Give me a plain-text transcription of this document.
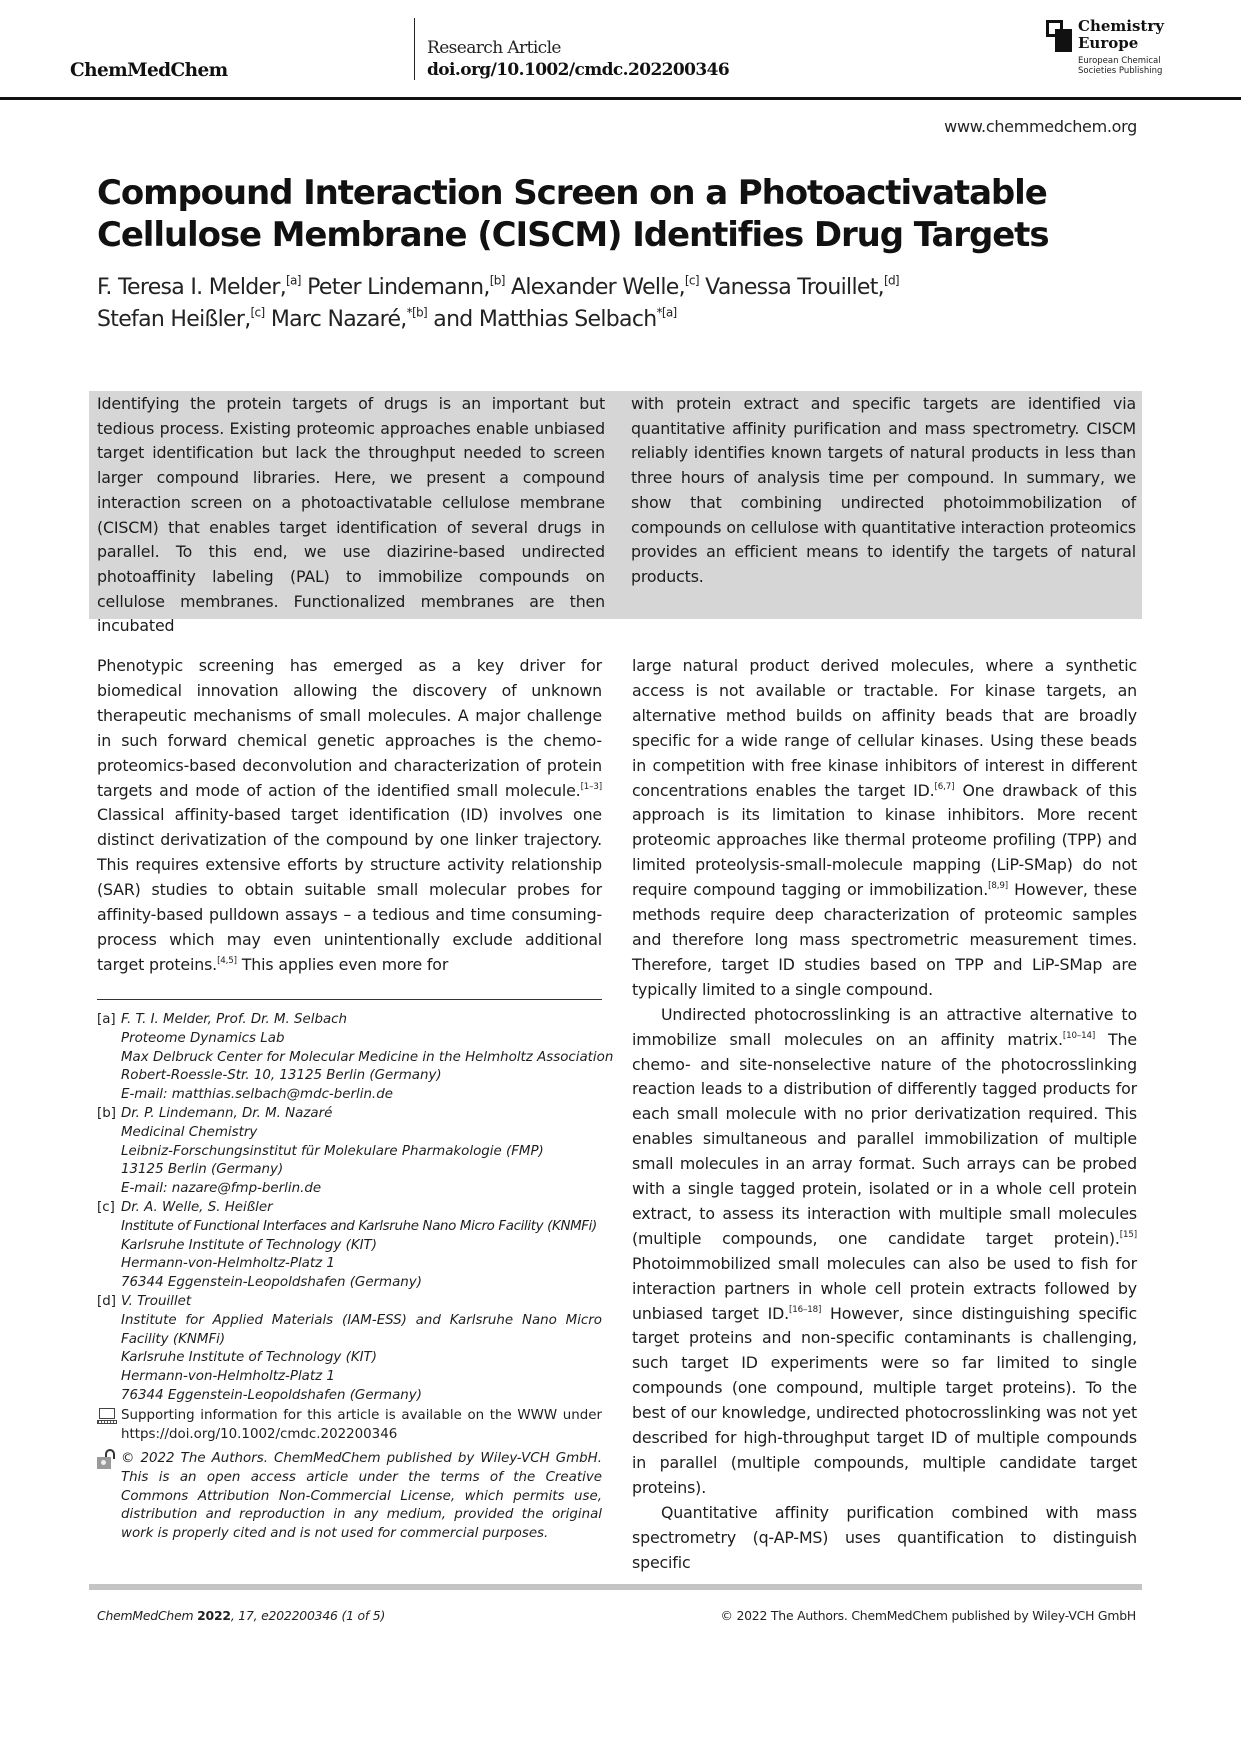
ChemMedChem
Research Article
doi.org/10.1002/cmdc.202200346
Chemistry
Europe
European Chemical
Societies Publishing
www.chemmedchem.org
Compound Interaction Screen on a Photoactivatable
Cellulose Membrane (CISCM) Identifies Drug Targets
F. Teresa I. Melder,[a] Peter Lindemann,[b] Alexander Welle,[c] Vanessa Trouillet,[d]
Stefan Heißler,[c] Marc Nazaré,$^{*[b]}$ and Matthias Selbach$^{*[a]}$
Identifying the protein targets of drugs is an important but tedious process. Existing proteomic approaches enable unbiased target identification but lack the throughput needed to screen larger compound libraries. Here, we present a compound interaction screen on a photoactivatable cellulose membrane (CISCM) that enables target identification of several drugs in parallel. To this end, we use diazirine-based undirected photoaffinity labeling (PAL) to immobilize compounds on cellulose membranes. Functionalized membranes are then incubated
with protein extract and specific targets are identified via quantitative affinity purification and mass spectrometry. CISCM reliably identifies known targets of natural products in less than three hours of analysis time per compound. In summary, we show that combining undirected photoimmobilization of compounds on cellulose with quantitative interaction proteomics provides an efficient means to identify the targets of natural products.

Phenotypic screening has emerged as a key driver for biomedical innovation allowing the discovery of unknown therapeutic mechanisms of small molecules. A major challenge in such forward chemical genetic approaches is the chemo-proteomics-based deconvolution and characterization of protein targets and mode of action of the identified small molecule.[1–3] Classical affinity-based target identification (ID) involves one distinct derivatization of the compound by one linker trajectory. This requires extensive efforts by structure activity relationship (SAR) studies to obtain suitable small molecular probes for affinity-based pulldown assays – a tedious and time consuming-process which may even unintentionally exclude additional target proteins.[4,5] This applies even more for

[a] F. T. I. Melder, Prof. Dr. M. Selbach
Proteome Dynamics Lab
Max Delbruck Center for Molecular Medicine in the Helmholtz Association
Robert-Roessle-Str. 10, 13125 Berlin (Germany)
E-mail: matthias.selbach@mdc-berlin.de
[b] Dr. P. Lindemann, Dr. M. Nazaré
Medicinal Chemistry
Leibniz-Forschungsinstitut für Molekulare Pharmakologie (FMP)
13125 Berlin (Germany)
E-mail: nazare@fmp-berlin.de
[c] Dr. A. Welle, S. Heißler
Institute of Functional Interfaces and Karlsruhe Nano Micro Facility (KNMFi)
Karlsruhe Institute of Technology (KIT)
Hermann-von-Helmholtz-Platz 1
76344 Eggenstein-Leopoldshafen (Germany)
[d] V. Trouillet
Institute for Applied Materials (IAM-ESS) and Karlsruhe Nano Micro Facility (KNMFi)
Karlsruhe Institute of Technology (KIT)
Hermann-von-Helmholtz-Platz 1
76344 Eggenstein-Leopoldshafen (Germany)
Supporting information for this article is available on the WWW under https://doi.org/10.1002/cmdc.202200346
© 2022 The Authors. ChemMedChem published by Wiley-VCH GmbH. This is an open access article under the terms of the Creative Commons Attribution Non-Commercial License, which permits use, distribution and reproduction in any medium, provided the original work is properly cited and is not used for commercial purposes.

large natural product derived molecules, where a synthetic access is not available or tractable. For kinase targets, an alternative method builds on affinity beads that are broadly specific for a wide range of cellular kinases. Using these beads in competition with free kinase inhibitors of interest in different concentrations enables the target ID.[6,7] One drawback of this approach is its limitation to kinase inhibitors. More recent proteomic approaches like thermal proteome profiling (TPP) and limited proteolysis-small-molecule mapping (LiP-SMap) do not require compound tagging or immobilization.[8,9] However, these methods require deep characterization of proteomic samples and therefore long mass spectrometric measurement times. Therefore, target ID studies based on TPP and LiP-SMap are typically limited to a single compound.

Undirected photocrosslinking is an attractive alternative to immobilize small molecules on an affinity matrix.[10–14] The chemo- and site-nonselective nature of the photocrosslinking reaction leads to a distribution of differently tagged products for each small molecule with no prior derivatization required. This enables simultaneous and parallel immobilization of multiple small molecules in an array format. Such arrays can be probed with a single tagged protein, isolated or in a whole cell protein extract, to assess its interaction with multiple small molecules (multiple compounds, one candidate target protein).[15] Photoimmobilized small molecules can also be used to fish for interaction partners in whole cell protein extracts followed by unbiased target ID.[16–18] However, since distinguishing specific target proteins and non-specific contaminants is challenging, such target ID experiments were so far limited to single compounds (one compound, multiple target proteins). To the best of our knowledge, undirected photocrosslinking was not yet described for high-throughput target ID of multiple compounds in parallel (multiple compounds, multiple candidate target proteins).

Quantitative affinity purification combined with mass spectrometry (q-AP-MS) uses quantification to distinguish specific

ChemMedChem 2022, 17, e202200346 (1 of 5)	© 2022 The Authors. ChemMedChem published by Wiley-VCH GmbH
